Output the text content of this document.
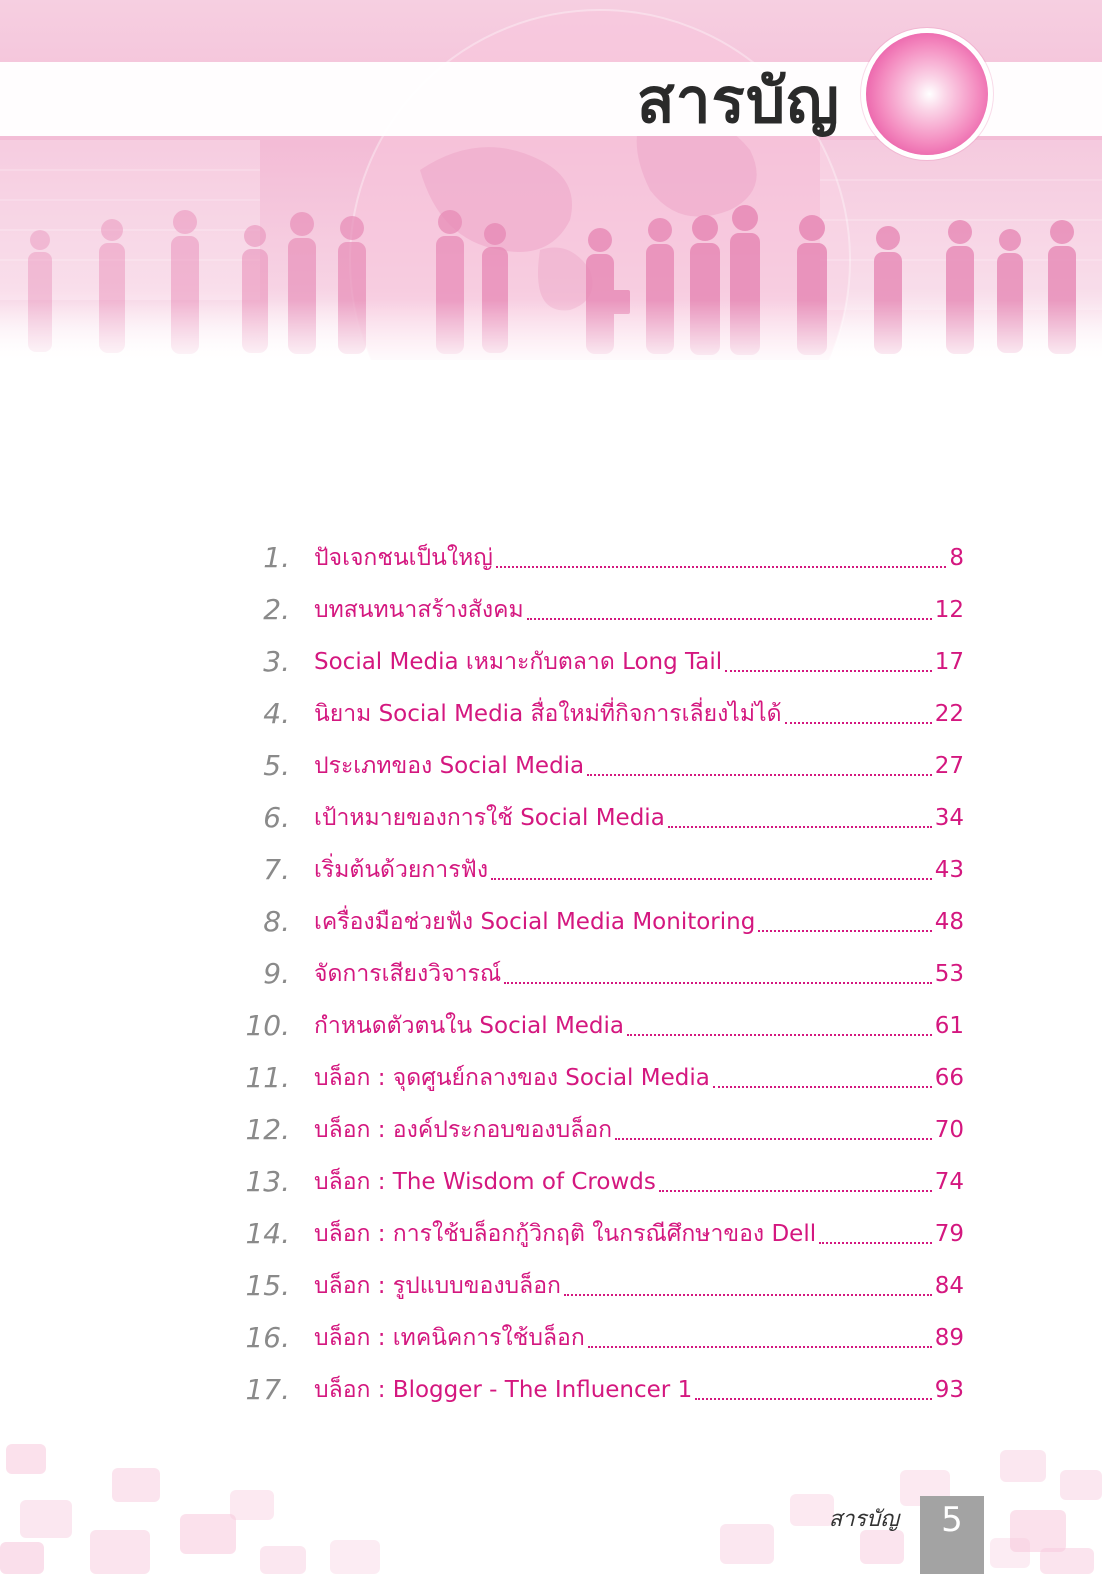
สารบัญ
1. ปัจเจกชนเป็นใหญ่	8
2. บทสนทนาสร้างสังคม	12
3. Social Media เหมาะกับตลาด Long Tail	17
4. นิยาม Social Media สื่อใหม่ที่กิจการเลี่ยงไม่ได้	22
5. ประเภทของ Social Media	27
6. เป้าหมายของการใช้ Social Media	34
7. เริ่มต้นด้วยการฟัง	43
8. เครื่องมือช่วยฟัง Social Media Monitoring	48
9. จัดการเสียงวิจารณ์	53
10. กำหนดตัวตนใน Social Media	61
11. บล็อก : จุดศูนย์กลางของ Social Media	66
12. บล็อก : องค์ประกอบของบล็อก	70
13. บล็อก : The Wisdom of Crowds	74
14. บล็อก : การใช้บล็อกกู้วิกฤติ ในกรณีศึกษาของ Dell	79
15. บล็อก : รูปแบบของบล็อก	84
16. บล็อก : เทคนิคการใช้บล็อก	89
17. บล็อก : Blogger - The Influencer 1	93
สารบัญ	5
